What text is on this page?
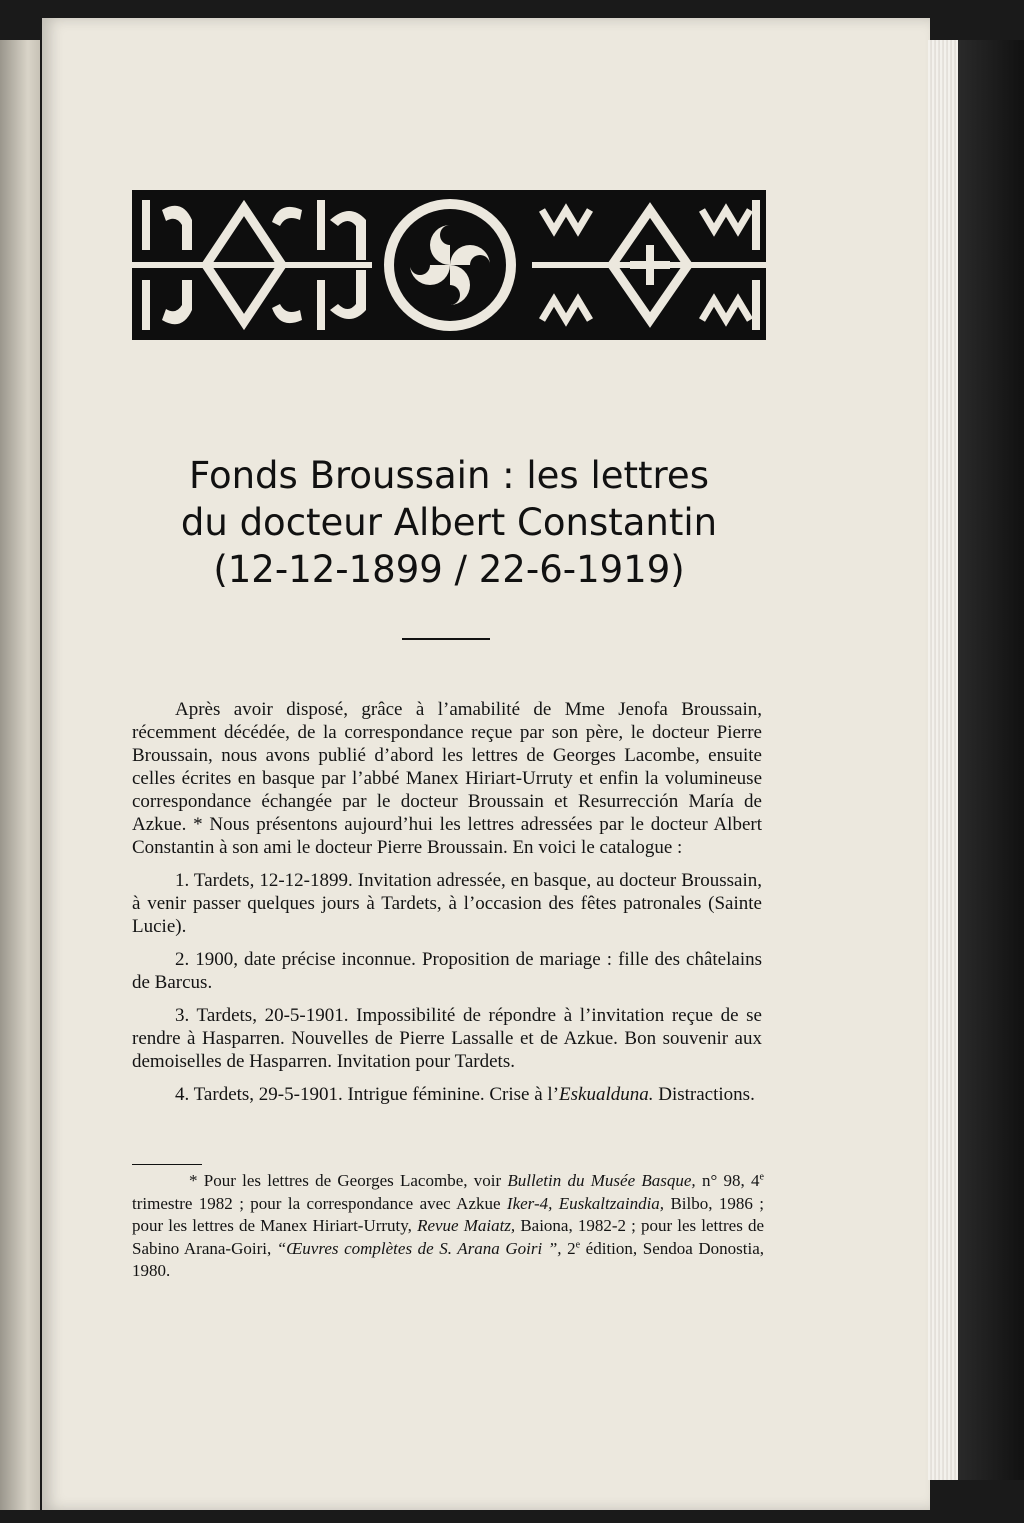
Fonds Broussain : les lettres
du docteur Albert Constantin
(12-12-1899 / 22-6-1919)

Après avoir disposé, grâce à l’amabilité de Mme Jenofa Broussain, récemment décédée, de la correspondance reçue par son père, le docteur Pierre Broussain, nous avons publié d’abord les lettres de Georges Lacombe, ensuite celles écrites en basque par l’abbé Manex Hiriart-Urruty et enfin la volumineuse correspondance échangée par le docteur Broussain et Resurrección María de Azkue. * Nous présentons aujourd’hui les lettres adressées par le docteur Albert Constantin à son ami le docteur Pierre Broussain. En voici le catalogue :

1. Tardets, 12-12-1899. Invitation adressée, en basque, au docteur Broussain, à venir passer quelques jours à Tardets, à l’occasion des fêtes patronales (Sainte Lucie).

2. 1900, date précise inconnue. Proposition de mariage : fille des châtelains de Barcus.

3. Tardets, 20-5-1901. Impossibilité de répondre à l’invitation reçue de se rendre à Hasparren. Nouvelles de Pierre Lassalle et de Azkue. Bon souvenir aux demoiselles de Hasparren. Invitation pour Tardets.

4. Tardets, 29-5-1901. Intrigue féminine. Crise à l’Eskualduna. Distractions.

* Pour les lettres de Georges Lacombe, voir Bulletin du Musée Basque, n° 98, 4e trimestre 1982 ; pour la correspondance avec Azkue Iker-4, Euskaltzaindia, Bilbo, 1986 ; pour les lettres de Manex Hiriart-Urruty, Revue Maiatz, Baiona, 1982-2 ; pour les lettres de Sabino Arana-Goiri, “Œuvres complètes de S. Arana Goiri ”, 2e édition, Sendoa Donostia, 1980.
